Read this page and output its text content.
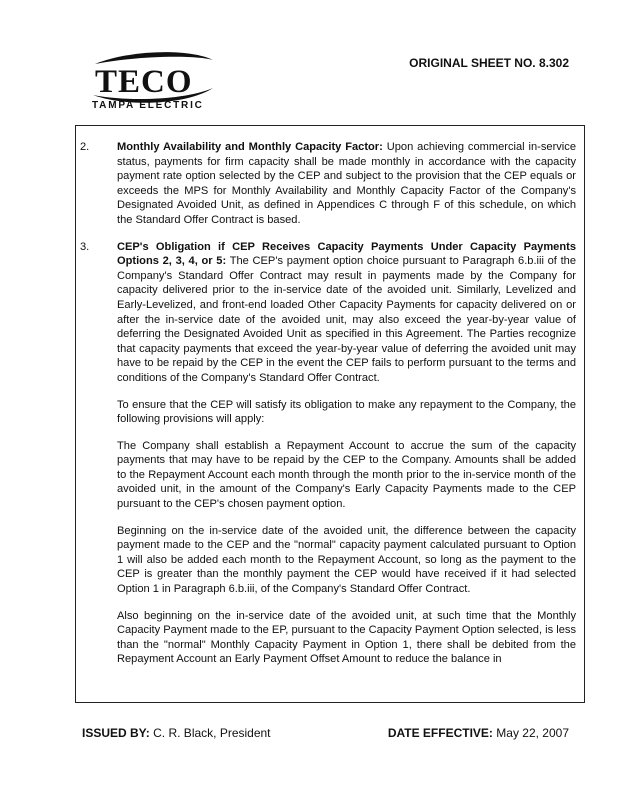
TECO
TAMPA ELECTRIC
ORIGINAL SHEET NO. 8.302
2. Monthly Availability and Monthly Capacity Factor: Upon achieving commercial in-service status, payments for firm capacity shall be made monthly in accordance with the capacity payment rate option selected by the CEP and subject to the provision that the CEP equals or exceeds the MPS for Monthly Availability and Monthly Capacity Factor of the Company's Designated Avoided Unit, as defined in Appendices C through F of this schedule, on which the Standard Offer Contract is based.

3. CEP's Obligation if CEP Receives Capacity Payments Under Capacity Payments Options 2, 3, 4, or 5: The CEP's payment option choice pursuant to Paragraph 6.b.iii of the Company's Standard Offer Contract may result in payments made by the Company for capacity delivered prior to the in-service date of the avoided unit. Similarly, Levelized and Early-Levelized, and front-end loaded Other Capacity Payments for capacity delivered on or after the in-service date of the avoided unit, may also exceed the year-by-year value of deferring the Designated Avoided Unit as specified in this Agreement. The Parties recognize that capacity payments that exceed the year-by-year value of deferring the avoided unit may have to be repaid by the CEP in the event the CEP fails to perform pursuant to the terms and conditions of the Company's Standard Offer Contract.

To ensure that the CEP will satisfy its obligation to make any repayment to the Company, the following provisions will apply:

The Company shall establish a Repayment Account to accrue the sum of the capacity payments that may have to be repaid by the CEP to the Company. Amounts shall be added to the Repayment Account each month through the month prior to the in-service month of the avoided unit, in the amount of the Company's Early Capacity Payments made to the CEP pursuant to the CEP's chosen payment option.

Beginning on the in-service date of the avoided unit, the difference between the capacity payment made to the CEP and the "normal" capacity payment calculated pursuant to Option 1 will also be added each month to the Repayment Account, so long as the payment to the CEP is greater than the monthly payment the CEP would have received if it had selected Option 1 in Paragraph 6.b.iii, of the Company's Standard Offer Contract.

Also beginning on the in-service date of the avoided unit, at such time that the Monthly Capacity Payment made to the EP, pursuant to the Capacity Payment Option selected, is less than the "normal" Monthly Capacity Payment in Option 1, there shall be debited from the Repayment Account an Early Payment Offset Amount to reduce the balance in

ISSUED BY: C. R. Black, President	DATE EFFECTIVE: May 22, 2007
